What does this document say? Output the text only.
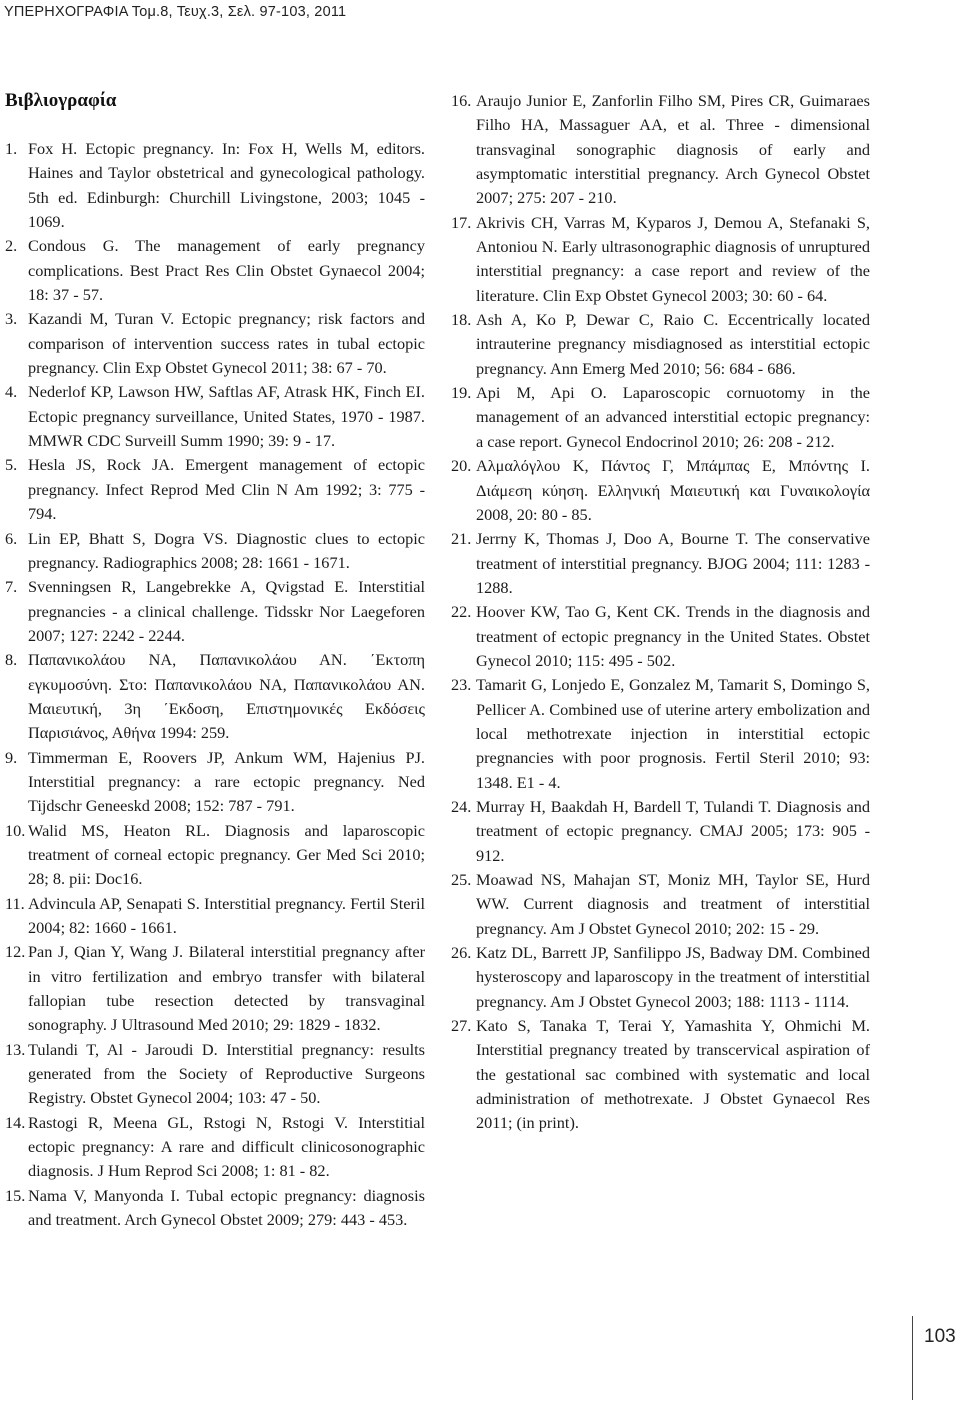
ΥΠΕΡΗΧΟΓΡΑΦΙΑ Τομ.8, Τευχ.3, Σελ. 97-103, 2011
Βιβλιογραφία
1. Fox H. Ectopic pregnancy. In: Fox H, Wells M, editors. Haines and Taylor obstetrical and gynecological pathology. 5th ed. Edinburgh: Churchill Livingstone, 2003; 1045 - 1069.
2. Condous G. The management of early pregnancy complications. Best Pract Res Clin Obstet Gynaecol 2004; 18: 37 - 57.
3. Kazandi M, Turan V. Ectopic pregnancy; risk factors and comparison of intervention success rates in tubal ectopic pregnancy. Clin Exp Obstet Gynecol 2011; 38: 67 - 70.
4. Nederlof KP, Lawson HW, Saftlas AF, Atrask HK, Finch EI. Ectopic pregnancy surveillance, United States, 1970 - 1987. MMWR CDC Surveill Summ 1990; 39: 9 - 17.
5. Hesla JS, Rock JA. Emergent management of ectopic pregnancy. Infect Reprod Med Clin N Am 1992; 3: 775 - 794.
6. Lin EP, Bhatt S, Dogra VS. Diagnostic clues to ectopic pregnancy. Radiographics 2008; 28: 1661 - 1671.
7. Svenningsen R, Langebrekke A, Qvigstad E. Interstitial pregnancies - a clinical challenge. Tidsskr Nor Laegeforen 2007; 127: 2242 - 2244.
8. Παπανικολάου ΝΑ, Παπανικολάου ΑΝ. ΄Εκτοπη εγκυμοσύνη. Στο: Παπανικολάου ΝΑ, Παπανικολάου ΑΝ. Μαιευτική, 3η ΄Εκδοση, Επιστημονικές Εκδόσεις Παρισιάνος, Αθήνα 1994: 259.
9. Timmerman E, Roovers JP, Ankum WM, Hajenius PJ. Interstitial pregnancy: a rare ectopic pregnancy. Ned Tijdschr Geneeskd 2008; 152: 787 - 791.
10. Walid MS, Heaton RL. Diagnosis and laparoscopic treatment of corneal ectopic pregnancy. Ger Med Sci 2010; 28; 8. pii: Doc16.
11. Advincula AP, Senapati S. Interstitial pregnancy. Fertil Steril 2004; 82: 1660 - 1661.
12. Pan J, Qian Y, Wang J. Bilateral interstitial pregnancy after in vitro fertilization and embryo transfer with bilateral fallopian tube resection detected by transvaginal sonography. J Ultrasound Med 2010; 29: 1829 - 1832.
13. Tulandi T, Al - Jaroudi D. Interstitial pregnancy: results generated from the Society of Reproductive Surgeons Registry. Obstet Gynecol 2004; 103: 47 - 50.
14. Rastogi R, Meena GL, Rstogi N, Rstogi V. Interstitial ectopic pregnancy: A rare and difficult clinicosonographic diagnosis. J Hum Reprod Sci 2008; 1: 81 - 82.
15. Nama V, Manyonda I. Tubal ectopic pregnancy: diagnosis and treatment. Arch Gynecol Obstet 2009; 279: 443 - 453.
16. Araujo Junior E, Zanforlin Filho SM, Pires CR, Guimaraes Filho HA, Massaguer AA, et al. Three - dimensional transvaginal sonographic diagnosis of early and asymptomatic interstitial pregnancy. Arch Gynecol Obstet 2007; 275: 207 - 210.
17. Akrivis CH, Varras M, Kyparos J, Demou A, Stefanaki S, Antoniou N. Early ultrasonographic diagnosis of unruptured interstitial pregnancy: a case report and review of the literature. Clin Exp Obstet Gynecol 2003; 30: 60 - 64.
18. Ash A, Ko P, Dewar C, Raio C. Eccentrically located intrauterine pregnancy misdiagnosed as interstitial ectopic pregnancy. Ann Emerg Med 2010; 56: 684 - 686.
19. Api M, Api O. Laparoscopic cornuotomy in the management of an advanced interstitial ectopic pregnancy: a case report. Gynecol Endocrinol 2010; 26: 208 - 212.
20. Αλμαλόγλου Κ, Πάντος Γ, Μπάμπας Ε, Μπόντης Ι. Διάμεση κύηση. Ελληνική Μαιευτική και Γυναικολογία 2008, 20: 80 - 85.
21. Jerrny K, Thomas J, Doo A, Bourne T. The conservative treatment of interstitial pregnancy. BJOG 2004; 111: 1283 - 1288.
22. Hoover KW, Tao G, Kent CK. Trends in the diagnosis and treatment of ectopic pregnancy in the United States. Obstet Gynecol 2010; 115: 495 - 502.
23. Tamarit G, Lonjedo E, Gonzalez M, Tamarit S, Domingo S, Pellicer A. Combined use of uterine artery embolization and local methotrexate injection in interstitial ectopic pregnancies with poor prognosis. Fertil Steril 2010; 93: 1348. E1 - 4.
24. Murray H, Baakdah H, Bardell T, Tulandi T. Diagnosis and treatment of ectopic pregnancy. CMAJ 2005; 173: 905 - 912.
25. Moawad NS, Mahajan ST, Moniz MH, Taylor SE, Hurd WW. Current diagnosis and treatment of interstitial pregnancy. Am J Obstet Gynecol 2010; 202: 15 - 29.
26. Katz DL, Barrett JP, Sanfilippo JS, Badway DM. Combined hysteroscopy and laparoscopy in the treatment of interstitial pregnancy. Am J Obstet Gynecol 2003; 188: 1113 - 1114.
27. Kato S, Tanaka T, Terai Y, Yamashita Y, Ohmichi M. Interstitial pregnancy treated by transcervical aspiration of the gestational sac combined with systematic and local administration of methotrexate. J Obstet Gynaecol Res 2011; (in print).
103
